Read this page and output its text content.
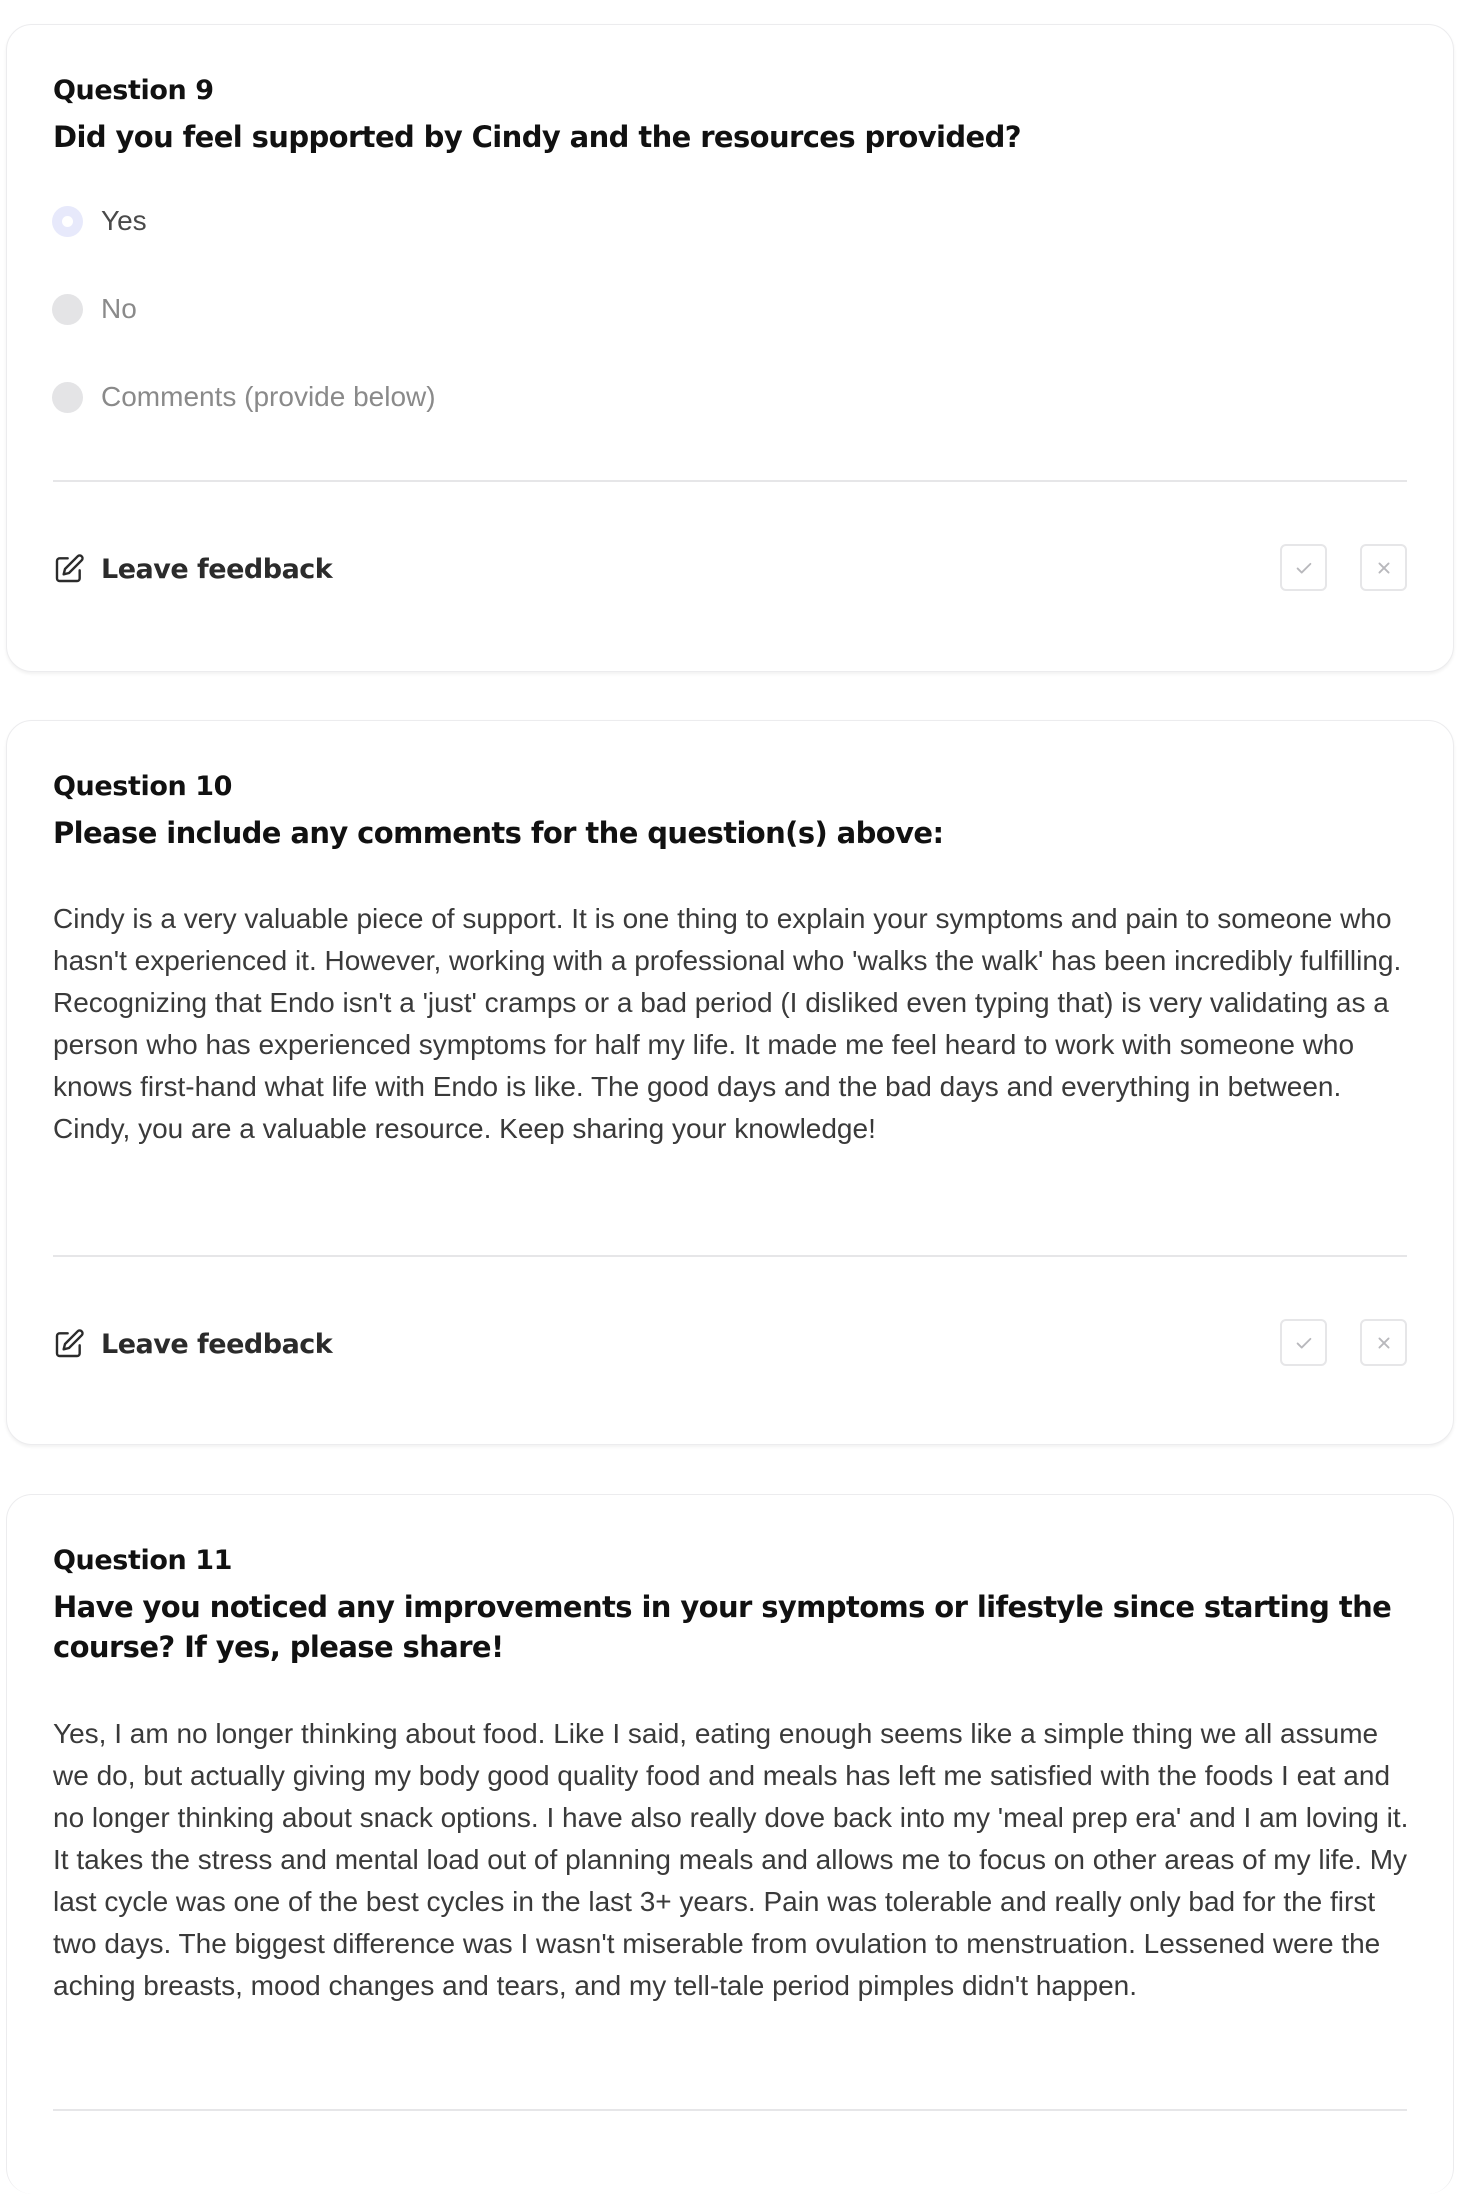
Question 9
Did you feel supported by Cindy and the resources provided?
Yes
No
Comments (provide below)
Leave feedback
Question 10
Please include any comments for the question(s) above:
Cindy is a very valuable piece of support. It is one thing to explain your symptoms and pain to someone who hasn't experienced it. However, working with a professional who 'walks the walk' has been incredibly fulfilling. Recognizing that Endo isn't a 'just' cramps or a bad period (I disliked even typing that) is very validating as a person who has experienced symptoms for half my life. It made me feel heard to work with someone who knows first-hand what life with Endo is like. The good days and the bad days and everything in between. Cindy, you are a valuable resource. Keep sharing your knowledge!
Leave feedback
Question 11
Have you noticed any improvements in your symptoms or lifestyle since starting the course? If yes, please share!
Yes, I am no longer thinking about food. Like I said, eating enough seems like a simple thing we all assume we do, but actually giving my body good quality food and meals has left me satisfied with the foods I eat and no longer thinking about snack options. I have also really dove back into my 'meal prep era' and I am loving it. It takes the stress and mental load out of planning meals and allows me to focus on other areas of my life. My last cycle was one of the best cycles in the last 3+ years. Pain was tolerable and really only bad for the first two days. The biggest difference was I wasn't miserable from ovulation to menstruation. Lessened were the aching breasts, mood changes and tears, and my tell-tale period pimples didn't happen.
